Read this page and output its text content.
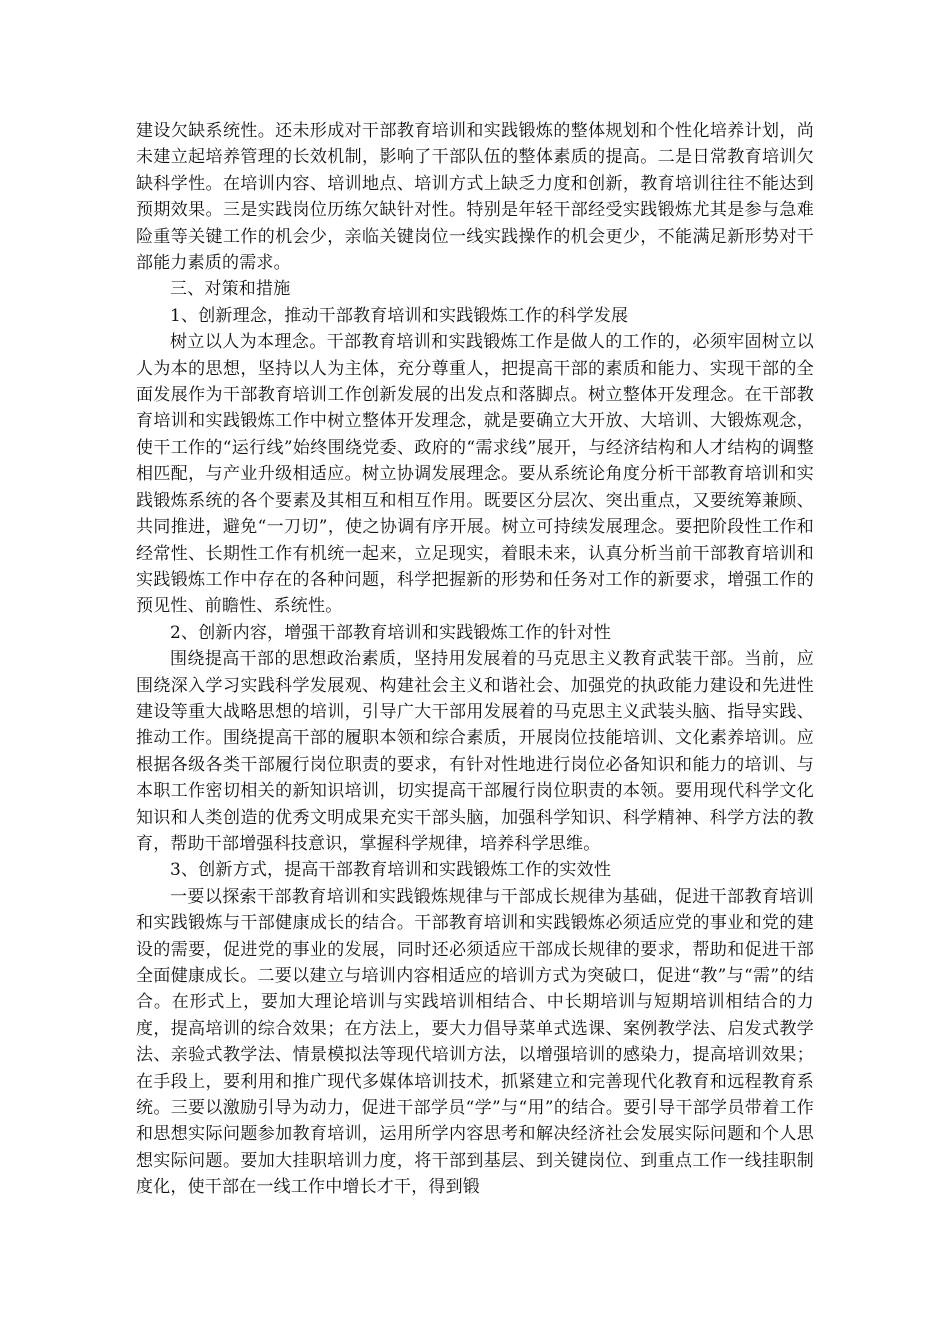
建设欠缺系统性。还未形成对干部教育培训和实践锻炼的整体规划和个性化培养计划，尚未建立起培养管理的长效机制，影响了干部队伍的整体素质的提高。二是日常教育培训欠缺科学性。在培训内容、培训地点、培训方式上缺乏力度和创新，教育培训往往不能达到预期效果。三是实践岗位历练欠缺针对性。特别是年轻干部经受实践锻炼尤其是参与急难险重等关键工作的机会少，亲临关键岗位一线实践操作的机会更少，不能满足新形势对干部能力素质的需求。

三、对策和措施

1、创新理念，推动干部教育培训和实践锻炼工作的科学发展

树立以人为本理念。干部教育培训和实践锻炼工作是做人的工作的，必须牢固树立以人为本的思想，坚持以人为主体，充分尊重人，把提高干部的素质和能力、实现干部的全面发展作为干部教育培训工作创新发展的出发点和落脚点。树立整体开发理念。在干部教育培训和实践锻炼工作中树立整体开发理念，就是要确立大开放、大培训、大锻炼观念，使干工作的“运行线”始终围绕党委、政府的“需求线”展开，与经济结构和人才结构的调整相匹配，与产业升级相适应。树立协调发展理念。要从系统论角度分析干部教育培训和实践锻炼系统的各个要素及其相互和相互作用。既要区分层次、突出重点，又要统筹兼顾、共同推进，避免“一刀切”，使之协调有序开展。树立可持续发展理念。要把阶段性工作和经常性、长期性工作有机统一起来，立足现实，着眼未来，认真分析当前干部教育培训和实践锻炼工作中存在的各种问题，科学把握新的形势和任务对工作的新要求，增强工作的预见性、前瞻性、系统性。

2、创新内容，增强干部教育培训和实践锻炼工作的针对性

围绕提高干部的思想政治素质，坚持用发展着的马克思主义教育武装干部。当前，应围绕深入学习实践科学发展观、构建社会主义和谐社会、加强党的执政能力建设和先进性建设等重大战略思想的培训，引导广大干部用发展着的马克思主义武装头脑、指导实践、推动工作。围绕提高干部的履职本领和综合素质，开展岗位技能培训、文化素养培训。应根据各级各类干部履行岗位职责的要求，有针对性地进行岗位必备知识和能力的培训、与本职工作密切相关的新知识培训，切实提高干部履行岗位职责的本领。要用现代科学文化知识和人类创造的优秀文明成果充实干部头脑，加强科学知识、科学精神、科学方法的教育，帮助干部增强科技意识，掌握科学规律，培养科学思维。

3、创新方式，提高干部教育培训和实践锻炼工作的实效性

一要以探索干部教育培训和实践锻炼规律与干部成长规律为基础，促进干部教育培训和实践锻炼与干部健康成长的结合。干部教育培训和实践锻炼必须适应党的事业和党的建设的需要，促进党的事业的发展，同时还必须适应干部成长规律的要求，帮助和促进干部全面健康成长。二要以建立与培训内容相适应的培训方式为突破口，促进“教”与“需”的结合。在形式上，要加大理论培训与实践培训相结合、中长期培训与短期培训相结合的力度，提高培训的综合效果；在方法上，要大力倡导菜单式选课、案例教学法、启发式教学法、亲验式教学法、情景模拟法等现代培训方法，以增强培训的感染力，提高培训效果；在手段上，要利用和推广现代多媒体培训技术，抓紧建立和完善现代化教育和远程教育系统。三要以激励引导为动力，促进干部学员“学”与“用”的结合。要引导干部学员带着工作和思想实际问题参加教育培训，运用所学内容思考和解决经济社会发展实际问题和个人思想实际问题。要加大挂职培训力度，将干部到基层、到关键岗位、到重点工作一线挂职制度化，使干部在一线工作中增长才干，得到锻
